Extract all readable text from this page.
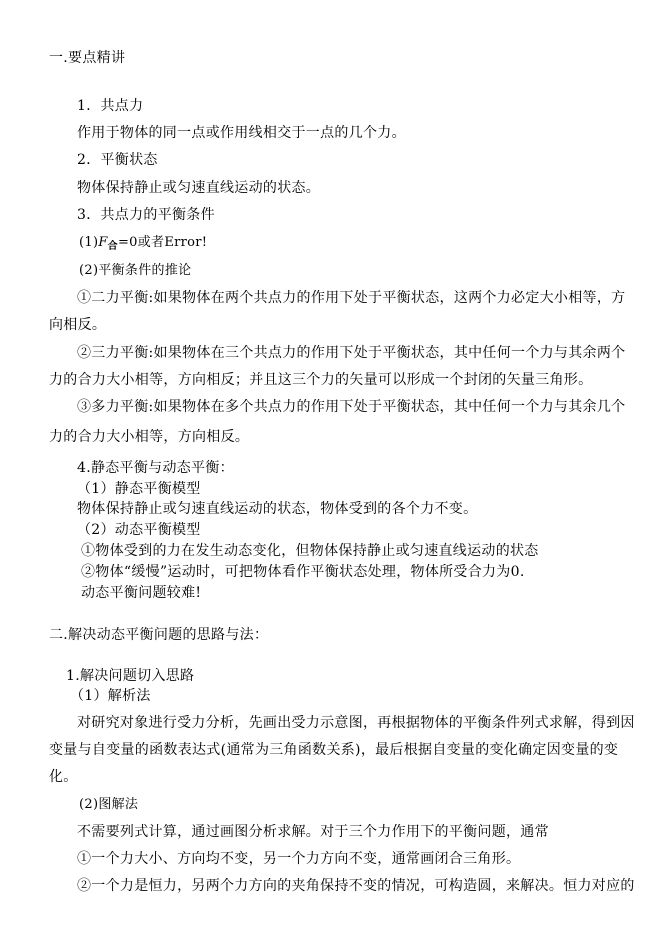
一.要点精讲
1．共点力
作用于物体的同一点或作用线相交于一点的几个力。
2．平衡状态
物体保持静止或匀速直线运动的状态。
3．共点力的平衡条件
$(1)F_合=0$或者Error!
(2)平衡条件的推论
①二力平衡:如果物体在两个共点力的作用下处于平衡状态，这两个力必定大小相等，方
向相反。
②三力平衡:如果物体在三个共点力的作用下处于平衡状态，其中任何一个力与其余两个
力的合力大小相等，方向相反；并且这三个力的矢量可以形成一个封闭的矢量三角形。
③多力平衡:如果物体在多个共点力的作用下处于平衡状态，其中任何一个力与其余几个
力的合力大小相等，方向相反。
4.静态平衡与动态平衡：
（1）静态平衡模型
物体保持静止或匀速直线运动的状态，物体受到的各个力不变。
（2）动态平衡模型
①物体受到的力在发生动态变化，但物体保持静止或匀速直线运动的状态
②物体“缓慢”运动时，可把物体看作平衡状态处理，物体所受合力为0.
动态平衡问题较难!
二.解决动态平衡问题的思路与法：
1.解决问题切入思路
（1）解析法
对研究对象进行受力分析，先画出受力示意图，再根据物体的平衡条件列式求解，得到因
变量与自变量的函数表达式(通常为三角函数关系)，最后根据自变量的变化确定因变量的变
化。
(2)图解法
不需要列式计算，通过画图分析求解。对于三个力作用下的平衡问题，通常
①一个力大小、方向均不变，另一个力方向不变，通常画闭合三角形。
②一个力是恒力，另两个力方向的夹角保持不变的情况，可构造圆，来解决。恒力对应的
